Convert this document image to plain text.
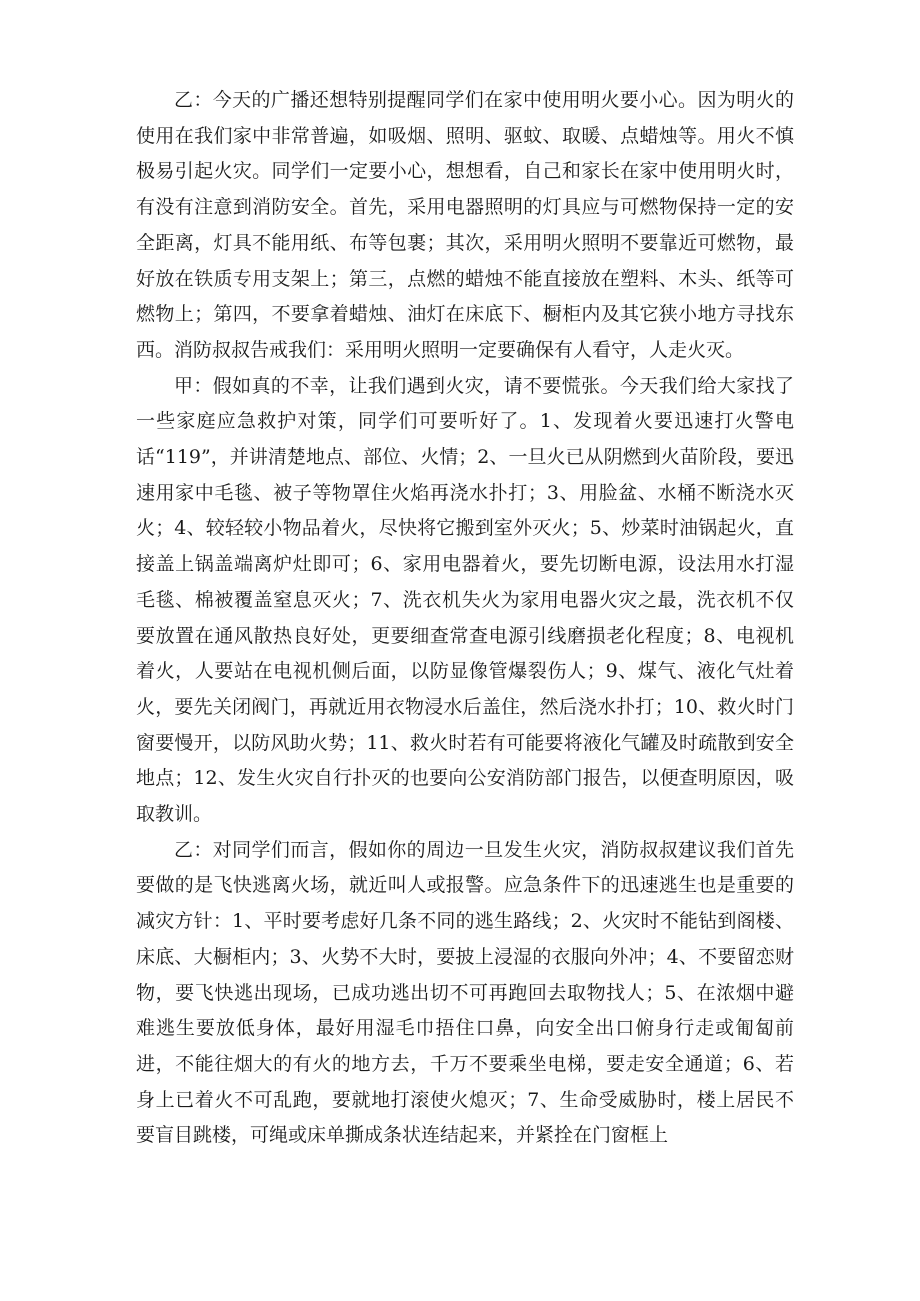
乙：今天的广播还想特别提醒同学们在家中使用明火要小心。因为明火的使用在我们家中非常普遍，如吸烟、照明、驱蚊、取暖、点蜡烛等。用火不慎极易引起火灾。同学们一定要小心，想想看，自己和家长在家中使用明火时，有没有注意到消防安全。首先，采用电器照明的灯具应与可燃物保持一定的安全距离，灯具不能用纸、布等包裹；其次，采用明火照明不要靠近可燃物，最好放在铁质专用支架上；第三，点燃的蜡烛不能直接放在塑料、木头、纸等可燃物上；第四，不要拿着蜡烛、油灯在床底下、橱柜内及其它狭小地方寻找东西。消防叔叔告戒我们：采用明火照明一定要确保有人看守，人走火灭。

甲：假如真的不幸，让我们遇到火灾，请不要慌张。今天我们给大家找了一些家庭应急救护对策，同学们可要听好了。1、发现着火要迅速打火警电话“119”，并讲清楚地点、部位、火情；2、一旦火已从阴燃到火苗阶段，要迅速用家中毛毯、被子等物罩住火焰再浇水扑打；3、用脸盆、水桶不断浇水灭火；4、较轻较小物品着火，尽快将它搬到室外灭火；5、炒菜时油锅起火，直接盖上锅盖端离炉灶即可；6、家用电器着火，要先切断电源，设法用水打湿毛毯、棉被覆盖窒息灭火；7、洗衣机失火为家用电器火灾之最，洗衣机不仅要放置在通风散热良好处，更要细查常查电源引线磨损老化程度；8、电视机着火，人要站在电视机侧后面，以防显像管爆裂伤人；9、煤气、液化气灶着火，要先关闭阀门，再就近用衣物浸水后盖住，然后浇水扑打；10、救火时门窗要慢开，以防风助火势；11、救火时若有可能要将液化气罐及时疏散到安全地点；12、发生火灾自行扑灭的也要向公安消防部门报告，以便查明原因，吸取教训。

乙：对同学们而言，假如你的周边一旦发生火灾，消防叔叔建议我们首先要做的是飞快逃离火场，就近叫人或报警。应急条件下的迅速逃生也是重要的减灾方针：1、平时要考虑好几条不同的逃生路线；2、火灾时不能钻到阁楼、床底、大橱柜内；3、火势不大时，要披上浸湿的衣服向外冲；4、不要留恋财物，要飞快逃出现场，已成功逃出切不可再跑回去取物找人；5、在浓烟中避难逃生要放低身体，最好用湿毛巾捂住口鼻，向安全出口俯身行走或匍匐前进，不能往烟大的有火的地方去，千万不要乘坐电梯，要走安全通道；6、若身上已着火不可乱跑，要就地打滚使火熄灭；7、生命受威胁时，楼上居民不要盲目跳楼，可绳或床单撕成条状连结起来，并紧拴在门窗框上
